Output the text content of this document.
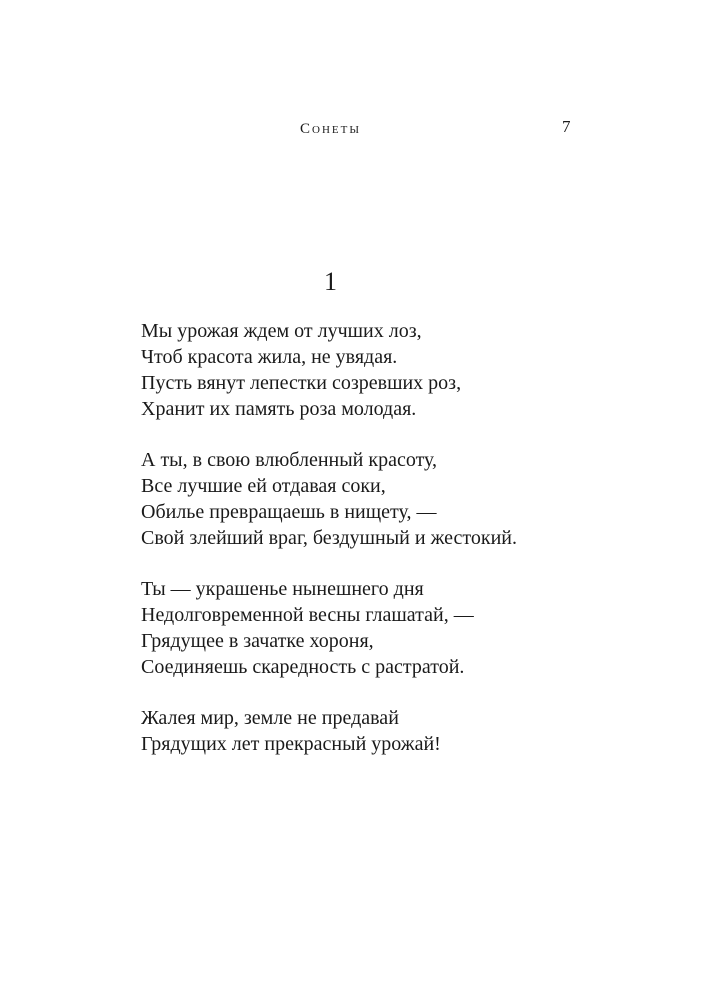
Сонеты	7
1
Мы урожая ждем от лучших лоз,
Чтоб красота жила, не увядая.
Пусть вянут лепестки созревших роз,
Хранит их память роза молодая.
А ты, в свою влюбленный красоту,
Все лучшие ей отдавая соки,
Обилье превращаешь в нищету, —
Свой злейший враг, бездушный и жестокий.
Ты — украшенье нынешнего дня
Недолговременной весны глашатай, —
Грядущее в зачатке хороня,
Соединяешь скаредность с растратой.
Жалея мир, земле не предавай
Грядущих лет прекрасный урожай!
